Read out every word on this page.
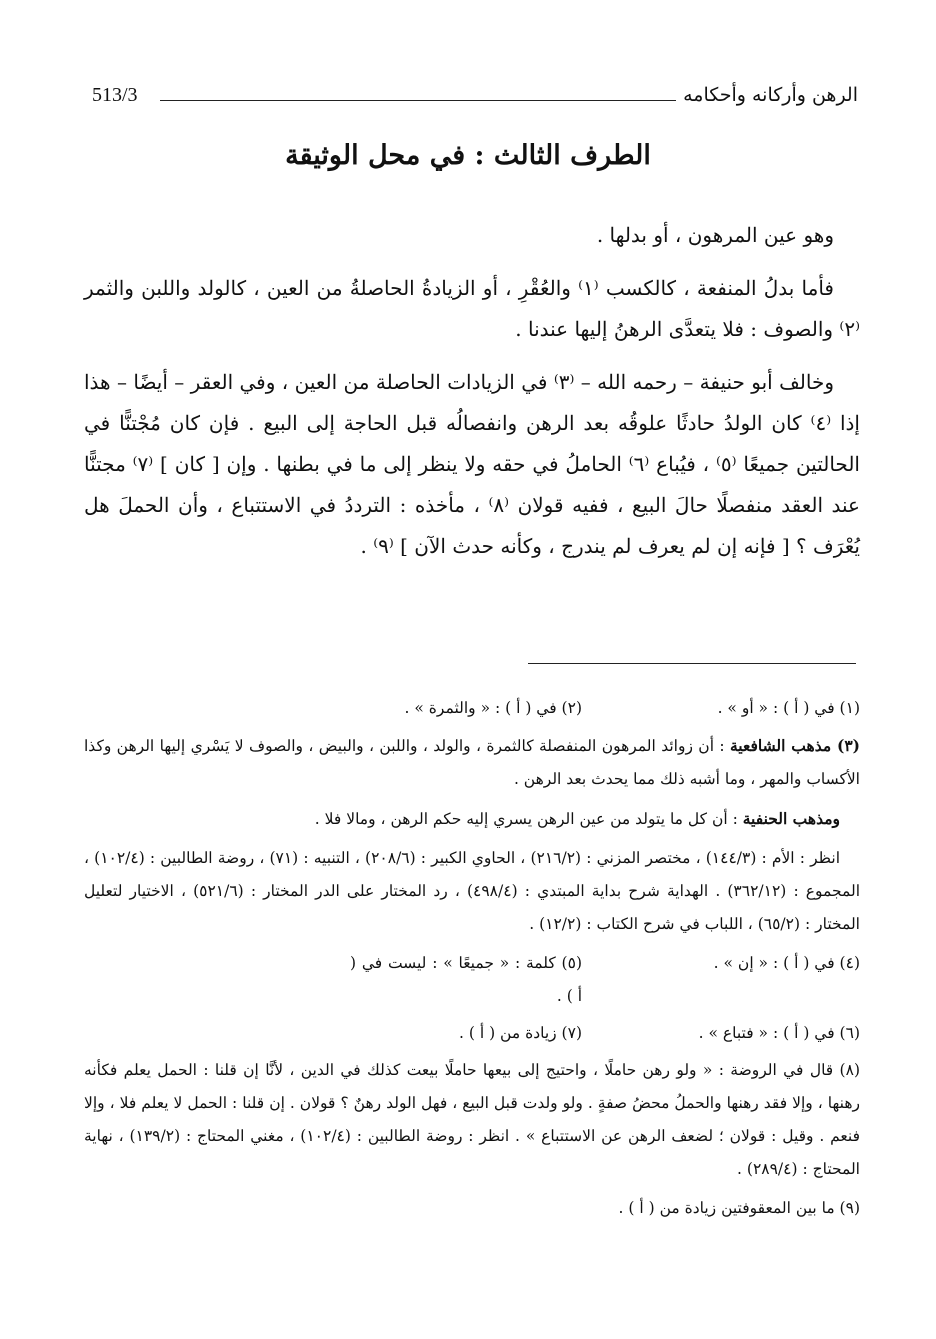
الرهن وأركانه وأحكامه
513/3
الطرف الثالث : في محل الوثيقة

وهو عين المرهون ، أو بدلها .

فأما بدلُ المنفعة ، كالكسب ⁽١⁾ والعُقْرِ ، أو الزيادةُ الحاصلةُ من العين ، كالولد واللبن والثمر ⁽٢⁾ والصوف : فلا يتعدَّى الرهنُ إليها عندنا .

وخالف أبو حنيفة – رحمه الله – ⁽٣⁾ في الزيادات الحاصلة من العين ، وفي العقر – أيضًا – هذا إذا ⁽٤⁾ كان الولدُ حادثًا علوقُه بعد الرهن وانفصالُه قبل الحاجة إلى البيع . فإن كان مُجْتنًّا في الحالتين جميعًا ⁽٥⁾ ، فيُباع ⁽٦⁾ الحاملُ في حقه ولا ينظر إلى ما في بطنها . وإن [ كان ] ⁽٧⁾ مجتنًّا عند العقد منفصلًا حالَ البيع ، ففيه قولان ⁽٨⁾ ، مأخذه : الترددُ في الاستتباع ، وأن الحملَ هل يُعْرَف ؟ [ فإنه إن لم يعرف لم يندرج ، وكأنه حدث الآن ] ⁽٩⁾ .

(١) في ( أ ) : « أو » .
(٢) في ( أ ) : « والثمرة » .

(٣) مذهب الشافعية : أن زوائد المرهون المنفصلة كالثمرة ، والولد ، واللبن ، والبيض ، والصوف لا يَسْري إليها الرهن وكذا الأكساب والمهر ، وما أشبه ذلك مما يحدث بعد الرهن .

ومذهب الحنفية : أن كل ما يتولد من عين الرهن يسري إليه حكم الرهن ، ومالا فلا .

انظر : الأم : (١٤٤/٣) ، مختصر المزني : (٢١٦/٢) ، الحاوي الكبير : (٢٠٨/٦) ، التنبيه : (٧١) ، روضة الطالبين : (١٠٢/٤) ، المجموع : (٣٦٢/١٢) . الهداية شرح بداية المبتدي : (٤٩٨/٤) ، رد المختار على الدر المختار : (٥٢١/٦) ، الاختيار لتعليل المختار : (٦٥/٢) ، اللباب في شرح الكتاب : (١٢/٢) .

(٤) في ( أ ) : « إن » .
(٥) كلمة : « جميعًا » : ليست في ( أ ) .
(٦) في ( أ ) : « فتباع » .
(٧) زيادة من ( أ ) .

(٨) قال في الروضة : « ولو رهن حاملًا ، واحتيج إلى بيعها حاملًا بيعت كذلك في الدين ، لأنَّا إن قلنا : الحمل يعلم فكأنه رهنها ، وإلا فقد رهنها والحملُ محضُ صفةٍ . ولو ولدت قبل البيع ، فهل الولد رهنٌ ؟ قولان . إن قلنا : الحمل لا يعلم فلا ، وإلا فنعم . وقيل : قولان ؛ لضعف الرهن عن الاستتباع » . انظر : روضة الطالبين : (١٠٢/٤) ، مغني المحتاج : (١٣٩/٢) ، نهاية المحتاج : (٢٨٩/٤) .

(٩) ما بين المعقوفتين زيادة من ( أ ) .
